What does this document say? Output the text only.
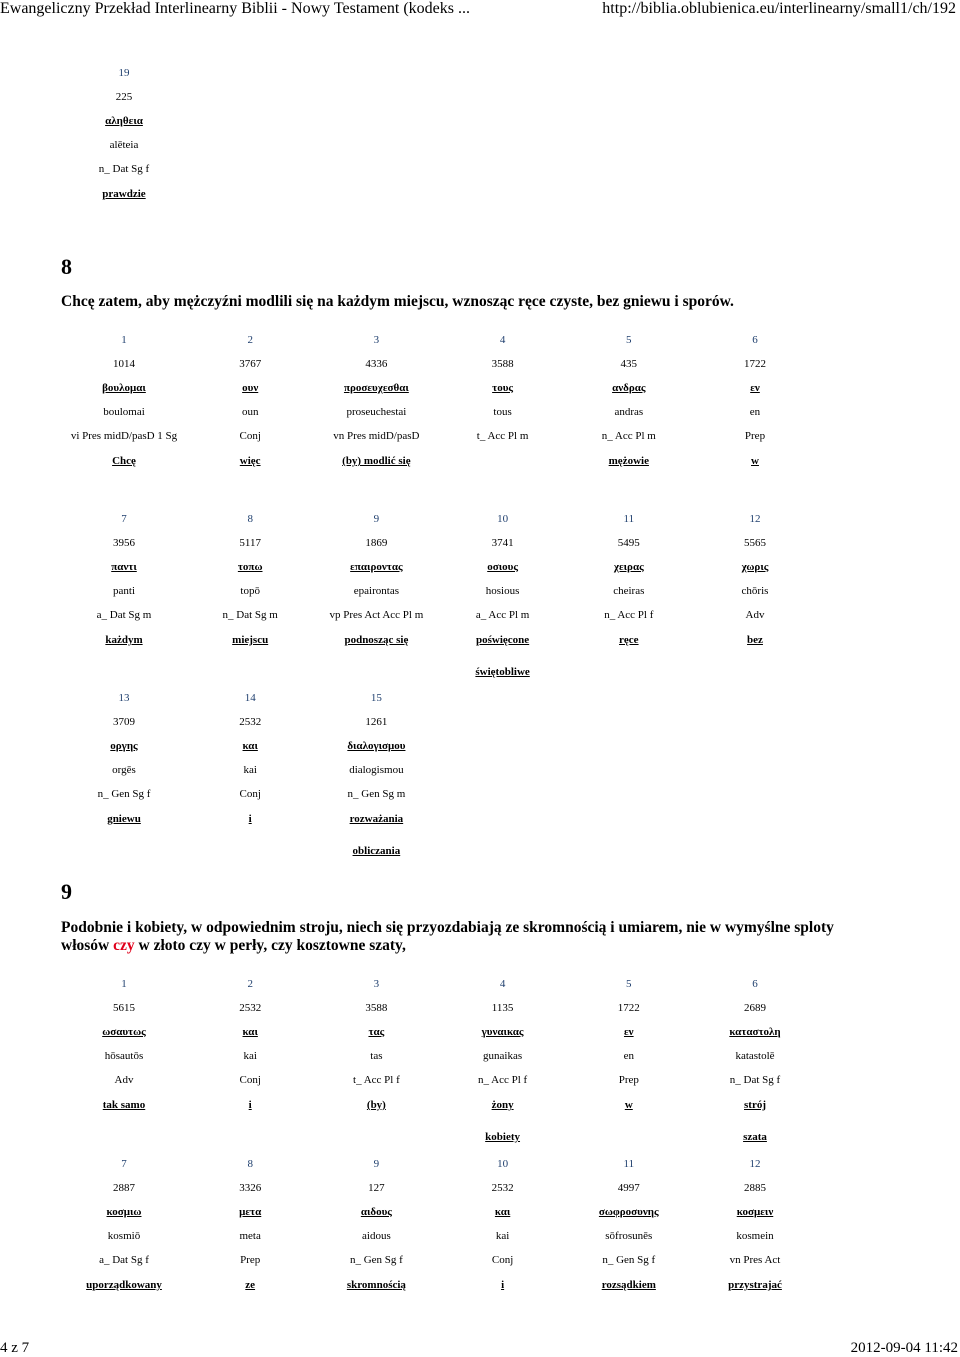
Ewangeliczny Przekład Interlinearny Biblii - Nowy Testament (kodeks ...	http://biblia.oblubienica.eu/interlinearny/small1/ch/192
19
225
αληθεια
alēteia
n_ Dat Sg f
prawdzie
8
Chcę zatem, aby mężczyźni modlili się na każdym miejscu, wznosząc ręce czyste, bez gniewu i sporów.
1
1014
βουλομαι
boulomai
vi Pres midD/pasD 1 Sg
Chcę
2
3767
ουν
oun
Conj
więc
3
4336
προσευχεσθαι
proseuchestai
vn Pres midD/pasD
(by) modlić się
4
3588
τους
tous
t_ Acc Pl m
5
435
ανδρας
andras
n_ Acc Pl m
mężowie
6
1722
εν
en
Prep
w
7
3956
παντι
panti
a_ Dat Sg m
każdym
8
5117
τοπω
topō
n_ Dat Sg m
miejscu
9
1869
επαιροντας
epairontas
vp Pres Act Acc Pl m
podnosząc się
10
3741
οσιους
hosious
a_ Acc Pl m
poświęcone
świętobliwe
11
5495
χειρας
cheiras
n_ Acc Pl f
ręce
12
5565
χωρις
chōris
Adv
bez
13
3709
οργης
orgēs
n_ Gen Sg f
gniewu
14
2532
και
kai
Conj
i
15
1261
διαλογισμου
dialogismou
n_ Gen Sg m
rozważania
obliczania
9
Podobnie i kobiety, w odpowiednim stroju, niech się przyozdabiają ze skromnością i umiarem, nie w wymyślne sploty włosów czy w złoto czy w perły, czy kosztowne szaty,
1
5615
ωσαυτως
hōsautōs
Adv
tak samo
2
2532
και
kai
Conj
i
3
3588
τας
tas
t_ Acc Pl f
(by)
4
1135
γυναικας
gunaikas
n_ Acc Pl f
żony
kobiety
5
1722
εν
en
Prep
w
6
2689
καταστολη
katastolē
n_ Dat Sg f
strój
szata
7
2887
κοσμιω
kosmiō
a_ Dat Sg f
uporządkowany
8
3326
μετα
meta
Prep
ze
9
127
αιδους
aidous
n_ Gen Sg f
skromnością
10
2532
και
kai
Conj
i
11
4997
σωφροσυνης
sōfrosunēs
n_ Gen Sg f
rozsądkiem
12
2885
κοσμειν
kosmein
vn Pres Act
przystrajać
4 z 7	2012-09-04 11:42
